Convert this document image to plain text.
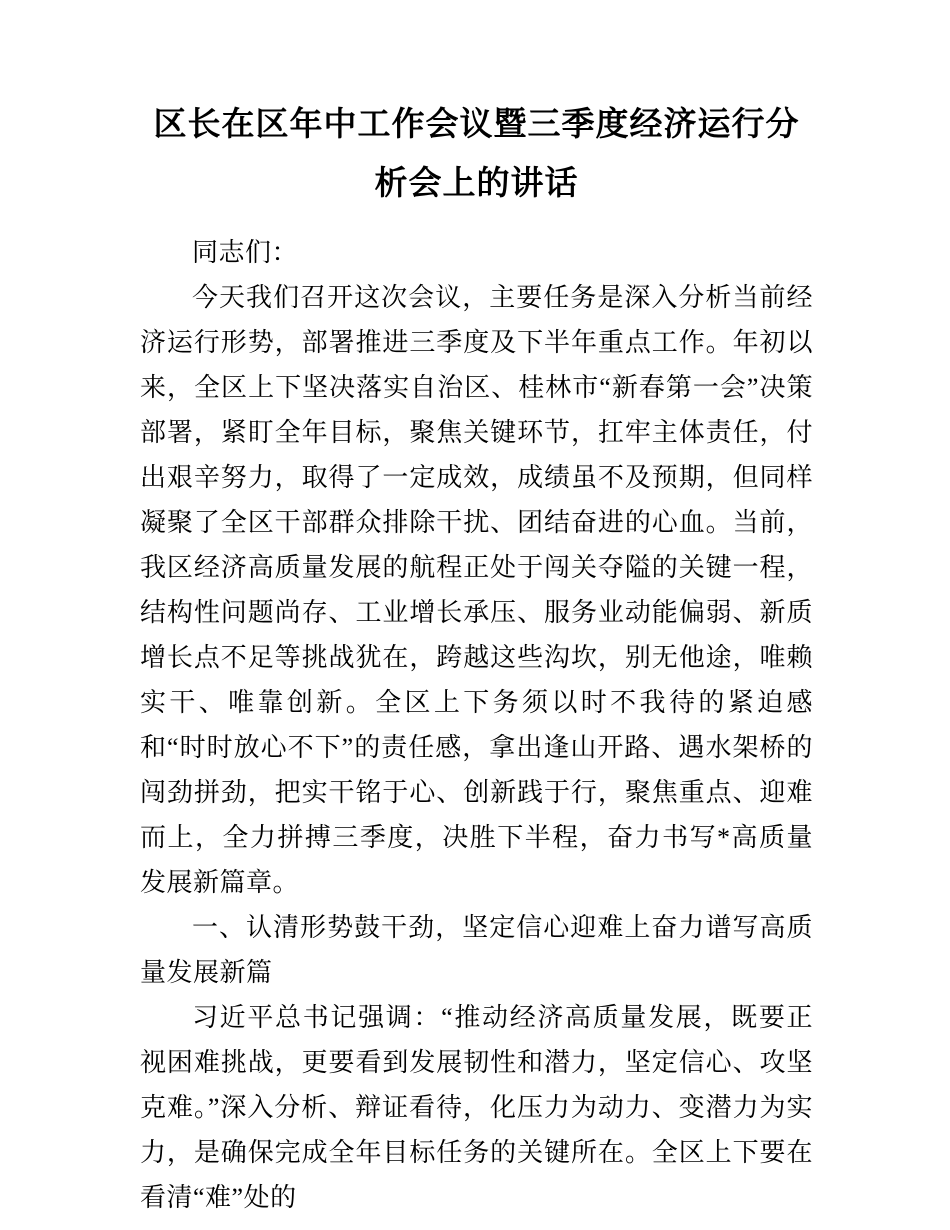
区长在区年中工作会议暨三季度经济运行分析会上的讲话

同志们：

今天我们召开这次会议，主要任务是深入分析当前经济运行形势，部署推进三季度及下半年重点工作。年初以来，全区上下坚决落实自治区、桂林市“新春第一会”决策部署，紧盯全年目标，聚焦关键环节，扛牢主体责任，付出艰辛努力，取得了一定成效，成绩虽不及预期，但同样凝聚了全区干部群众排除干扰、团结奋进的心血。当前，我区经济高质量发展的航程正处于闯关夺隘的关键一程，结构性问题尚存、工业增长承压、服务业动能偏弱、新质增长点不足等挑战犹在，跨越这些沟坎，别无他途，唯赖实干、唯靠创新。全区上下务须以时不我待的紧迫感和“时时放心不下”的责任感，拿出逢山开路、遇水架桥的闯劲拼劲，把实干铭于心、创新践于行，聚焦重点、迎难而上，全力拼搏三季度，决胜下半程，奋力书写*高质量发展新篇章。

一、认清形势鼓干劲，坚定信心迎难上奋力谱写高质量发展新篇

习近平总书记强调：“推动经济高质量发展，既要正视困难挑战，更要看到发展韧性和潜力，坚定信心、攻坚克难。”深入分析、辩证看待，化压力为动力、变潜力为实力，是确保完成全年目标任务的关键所在。全区上下要在看清“难”处的
